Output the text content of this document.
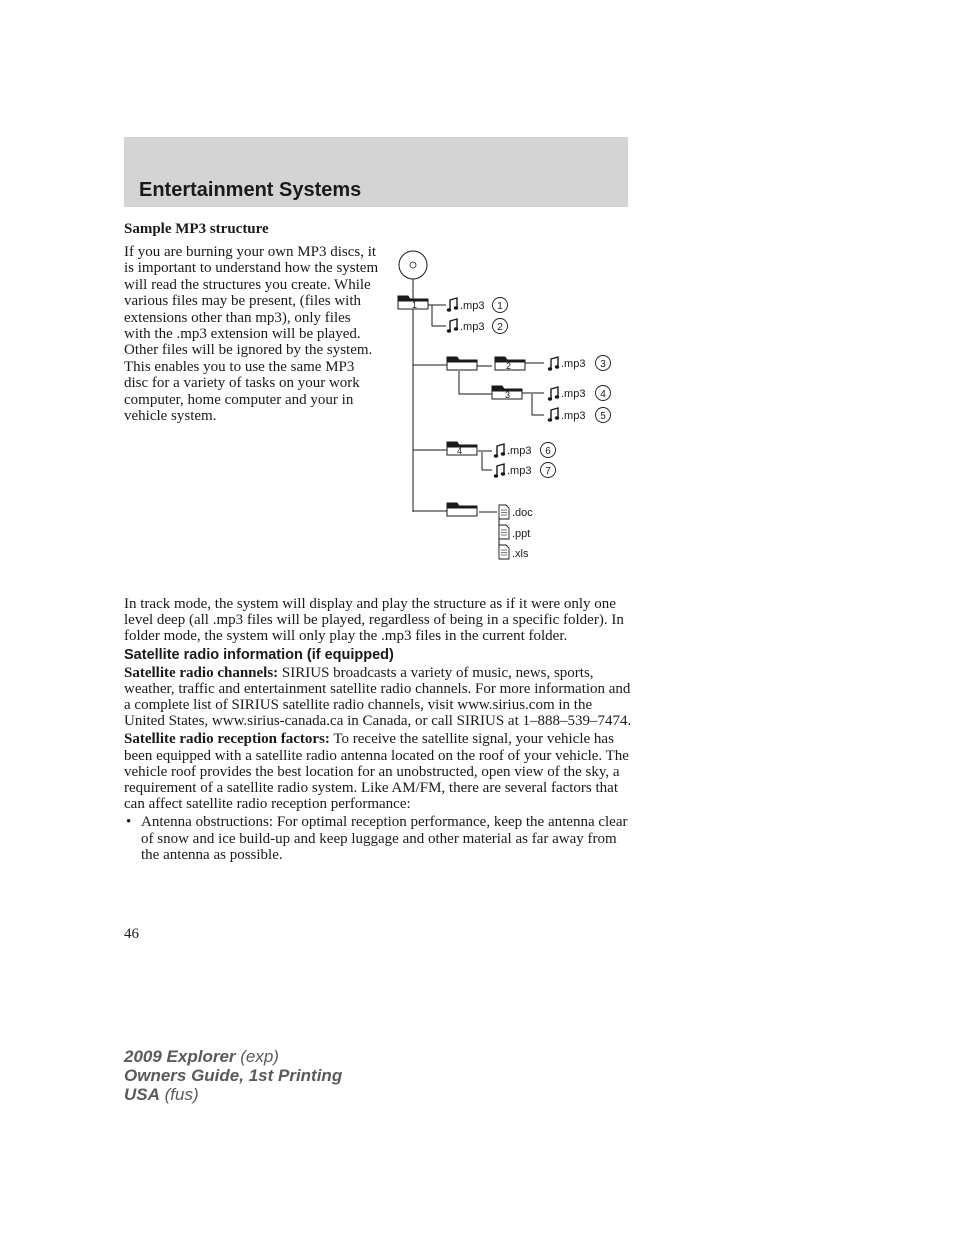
Entertainment Systems
Sample MP3 structure

If you are burning your own MP3 discs, it is important to understand how the system will read the structures you create. While various files may be present, (files with extensions other than mp3), only files with the .mp3 extension will be played. Other files will be ignored by the system. This enables you to use the same MP3 disc for a variety of tasks on your work computer, home computer and your in vehicle system.

1
2
3
4
.mp3 1
.mp3 2
.mp3 3
.mp3 4
.mp3 5
.mp3 6
.mp3 7
.doc
.ppt
.xls

In track mode, the system will display and play the structure as if it were only one level deep (all .mp3 files will be played, regardless of being in a specific folder). In folder mode, the system will only play the .mp3 files in the current folder.

Satellite radio information (if equipped)

Satellite radio channels: SIRIUS broadcasts a variety of music, news, sports, weather, traffic and entertainment satellite radio channels. For more information and a complete list of SIRIUS satellite radio channels, visit www.sirius.com in the United States, www.sirius-canada.ca in Canada, or call SIRIUS at 1–888–539–7474.

Satellite radio reception factors: To receive the satellite signal, your vehicle has been equipped with a satellite radio antenna located on the roof of your vehicle. The vehicle roof provides the best location for an unobstructed, open view of the sky, a requirement of a satellite radio system. Like AM/FM, there are several factors that can affect satellite radio reception performance:

• Antenna obstructions: For optimal reception performance, keep the antenna clear of snow and ice build-up and keep luggage and other material as far away from the antenna as possible.
46
2009 Explorer (exp)
Owners Guide, 1st Printing
USA (fus)
